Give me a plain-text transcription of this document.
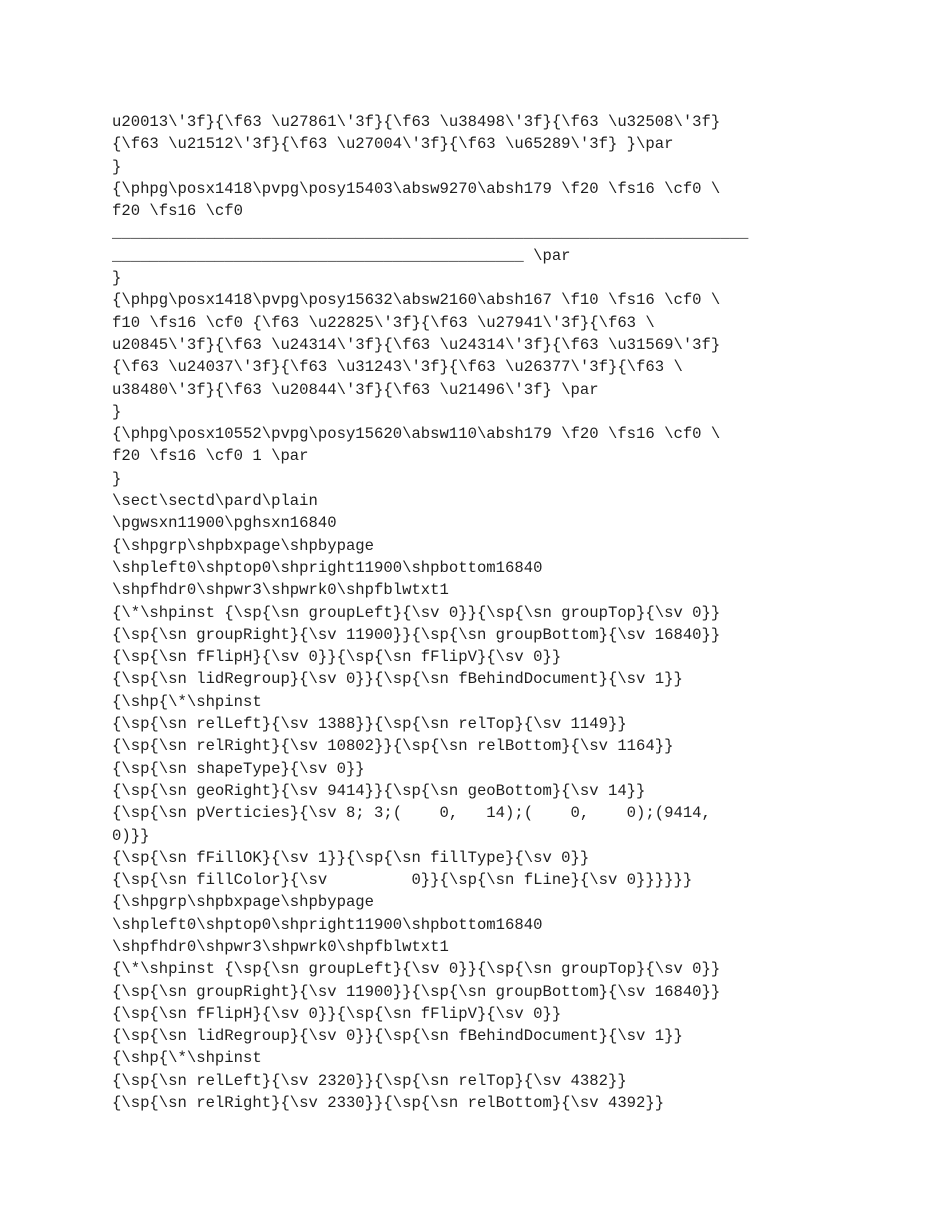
u20013\'3f}{\f63 \u27861\'3f}{\f63 \u38498\'3f}{\f63 \u32508\'3f}
{\f63 \u21512\'3f}{\f63 \u27004\'3f}{\f63 \u65289\'3f} }\par
}
{\phpg\posx1418\pvpg\posy15403\absw9270\absh179 \f20 \fs16 \cf0 \
f20 \fs16 \cf0
____________________________________________________________________
____________________________________________ \par
}
{\phpg\posx1418\pvpg\posy15632\absw2160\absh167 \f10 \fs16 \cf0 \
f10 \fs16 \cf0 {\f63 \u22825\'3f}{\f63 \u27941\'3f}{\f63 \
u20845\'3f}{\f63 \u24314\'3f}{\f63 \u24314\'3f}{\f63 \u31569\'3f}
{\f63 \u24037\'3f}{\f63 \u31243\'3f}{\f63 \u26377\'3f}{\f63 \
u38480\'3f}{\f63 \u20844\'3f}{\f63 \u21496\'3f} \par
}
{\phpg\posx10552\pvpg\posy15620\absw110\absh179 \f20 \fs16 \cf0 \
f20 \fs16 \cf0 1 \par
}
\sect\sectd\pard\plain
\pgwsxn11900\pghsxn16840
{\shpgrp\shpbxpage\shpbypage
\shpleft0\shptop0\shpright11900\shpbottom16840
\shpfhdr0\shpwr3\shpwrk0\shpfblwtxt1
{\*\shpinst {\sp{\sn groupLeft}{\sv 0}}{\sp{\sn groupTop}{\sv 0}}
{\sp{\sn groupRight}{\sv 11900}}{\sp{\sn groupBottom}{\sv 16840}}
{\sp{\sn fFlipH}{\sv 0}}{\sp{\sn fFlipV}{\sv 0}}
{\sp{\sn lidRegroup}{\sv 0}}{\sp{\sn fBehindDocument}{\sv 1}}
{\shp{\*\shpinst
{\sp{\sn relLeft}{\sv 1388}}{\sp{\sn relTop}{\sv 1149}}
{\sp{\sn relRight}{\sv 10802}}{\sp{\sn relBottom}{\sv 1164}}
{\sp{\sn shapeType}{\sv 0}}
{\sp{\sn geoRight}{\sv 9414}}{\sp{\sn geoBottom}{\sv 14}}
{\sp{\sn pVerticies}{\sv 8; 3;(    0,   14);(    0,    0);(9414,
0)}}
{\sp{\sn fFillOK}{\sv 1}}{\sp{\sn fillType}{\sv 0}}
{\sp{\sn fillColor}{\sv         0}}{\sp{\sn fLine}{\sv 0}}}}}}
{\shpgrp\shpbxpage\shpbypage
\shpleft0\shptop0\shpright11900\shpbottom16840
\shpfhdr0\shpwr3\shpwrk0\shpfblwtxt1
{\*\shpinst {\sp{\sn groupLeft}{\sv 0}}{\sp{\sn groupTop}{\sv 0}}
{\sp{\sn groupRight}{\sv 11900}}{\sp{\sn groupBottom}{\sv 16840}}
{\sp{\sn fFlipH}{\sv 0}}{\sp{\sn fFlipV}{\sv 0}}
{\sp{\sn lidRegroup}{\sv 0}}{\sp{\sn fBehindDocument}{\sv 1}}
{\shp{\*\shpinst
{\sp{\sn relLeft}{\sv 2320}}{\sp{\sn relTop}{\sv 4382}}
{\sp{\sn relRight}{\sv 2330}}{\sp{\sn relBottom}{\sv 4392}}
